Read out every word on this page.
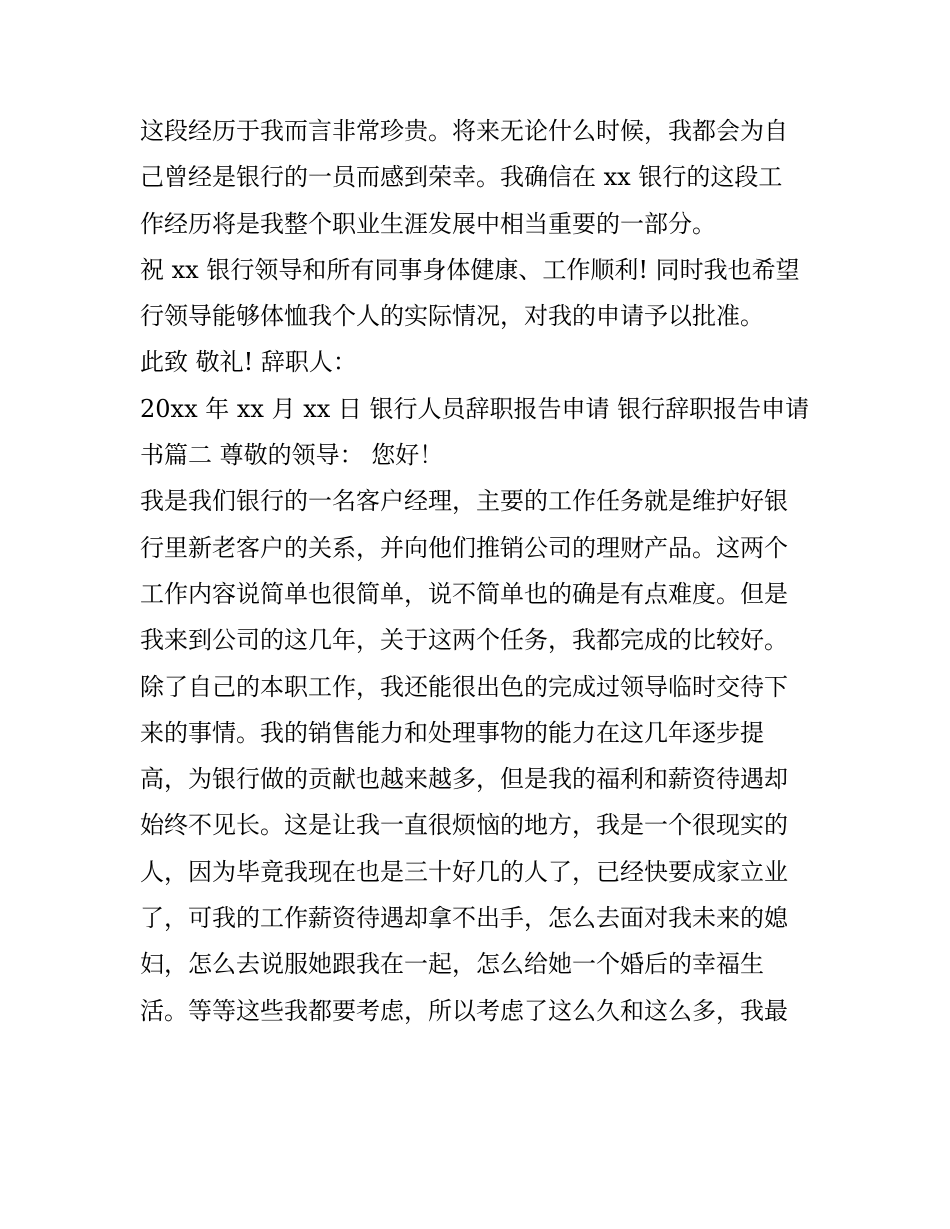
这段经历于我而言非常珍贵。将来无论什么时候，我都会为自
己曾经是银行的一员而感到荣幸。我确信在 xx 银行的这段工
作经历将是我整个职业生涯发展中相当重要的一部分。
祝 xx 银行领导和所有同事身体健康、工作顺利! 同时我也希望
行领导能够体恤我个人的实际情况，对我的申请予以批准。
此致 敬礼! 辞职人：
20xx 年 xx 月 xx 日 银行人员辞职报告申请 银行辞职报告申请
书篇二 尊敬的领导： 您好！
我是我们银行的一名客户经理，主要的工作任务就是维护好银
行里新老客户的关系，并向他们推销公司的理财产品。这两个
工作内容说简单也很简单，说不简单也的确是有点难度。但是
我来到公司的这几年，关于这两个任务，我都完成的比较好。
除了自己的本职工作，我还能很出色的完成过领导临时交待下
来的事情。我的销售能力和处理事物的能力在这几年逐步提
高，为银行做的贡献也越来越多，但是我的福利和薪资待遇却
始终不见长。这是让我一直很烦恼的地方，我是一个很现实的
人，因为毕竟我现在也是三十好几的人了，已经快要成家立业
了，可我的工作薪资待遇却拿不出手，怎么去面对我未来的媳
妇，怎么去说服她跟我在一起，怎么给她一个婚后的幸福生
活。等等这些我都要考虑，所以考虑了这么久和这么多，我最
